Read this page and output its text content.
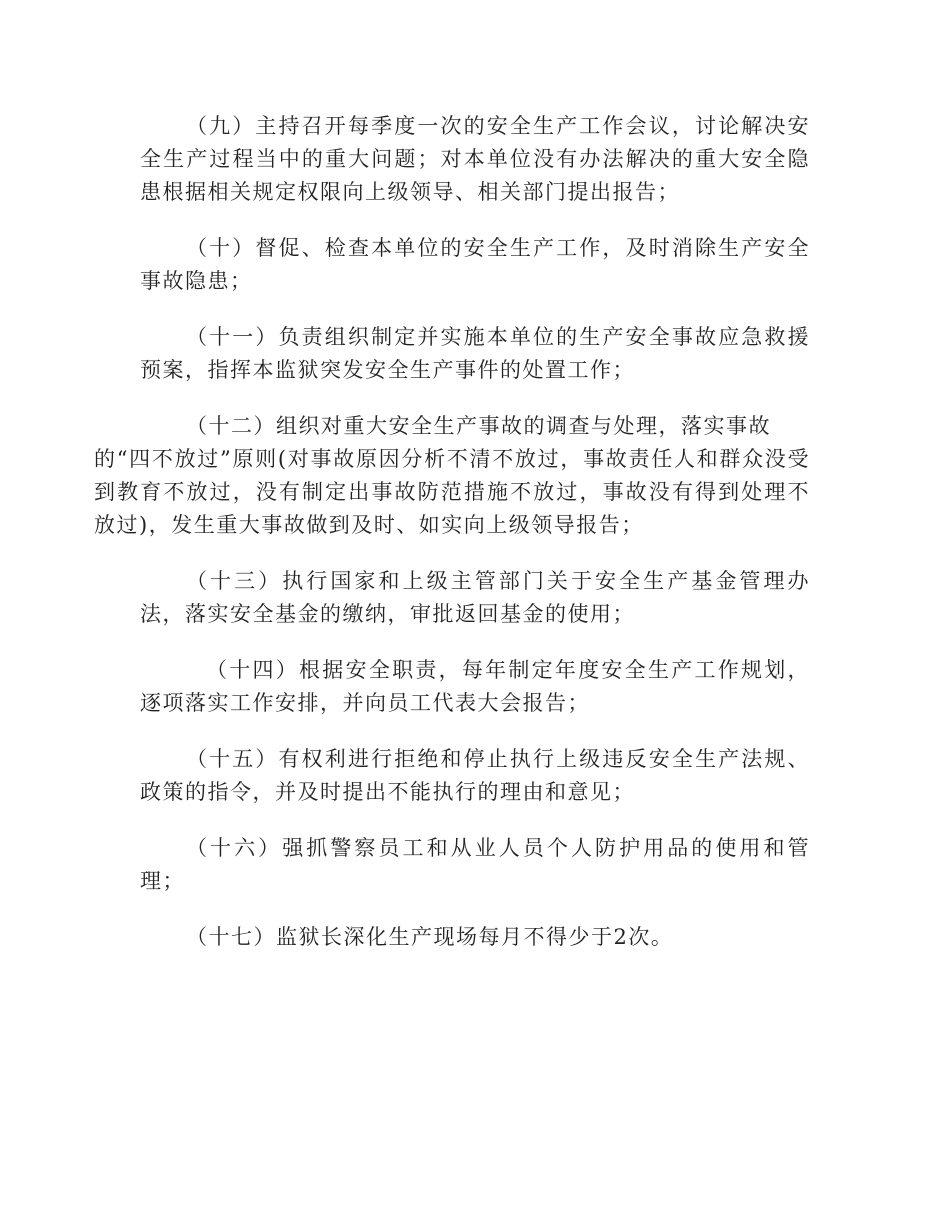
（九）主持召开每季度一次的安全生产工作会议，讨论解决安全生产过程当中的重大问题；对本单位没有办法解决的重大安全隐患根据相关规定权限向上级领导、相关部门提出报告；

（十）督促、检查本单位的安全生产工作，及时消除生产安全事故隐患；

（十一）负责组织制定并实施本单位的生产安全事故应急救援预案，指挥本监狱突发安全生产事件的处置工作；

（十二）组织对重大安全生产事故的调查与处理，落实事故
的“四不放过”原则(对事故原因分析不清不放过，事故责任人和群众没受到教育不放过，没有制定出事故防范措施不放过，事故没有得到处理不放过)，发生重大事故做到及时、如实向上级领导报告；

（十三）执行国家和上级主管部门关于安全生产基金管理办法，落实安全基金的缴纳，审批返回基金的使用；

（十四）根据安全职责，每年制定年度安全生产工作规划，逐项落实工作安排，并向员工代表大会报告；

（十五）有权利进行拒绝和停止执行上级违反安全生产法规、政策的指令，并及时提出不能执行的理由和意见；

（十六）强抓警察员工和从业人员个人防护用品的使用和管理；

（十七）监狱长深化生产现场每月不得少于2次。
